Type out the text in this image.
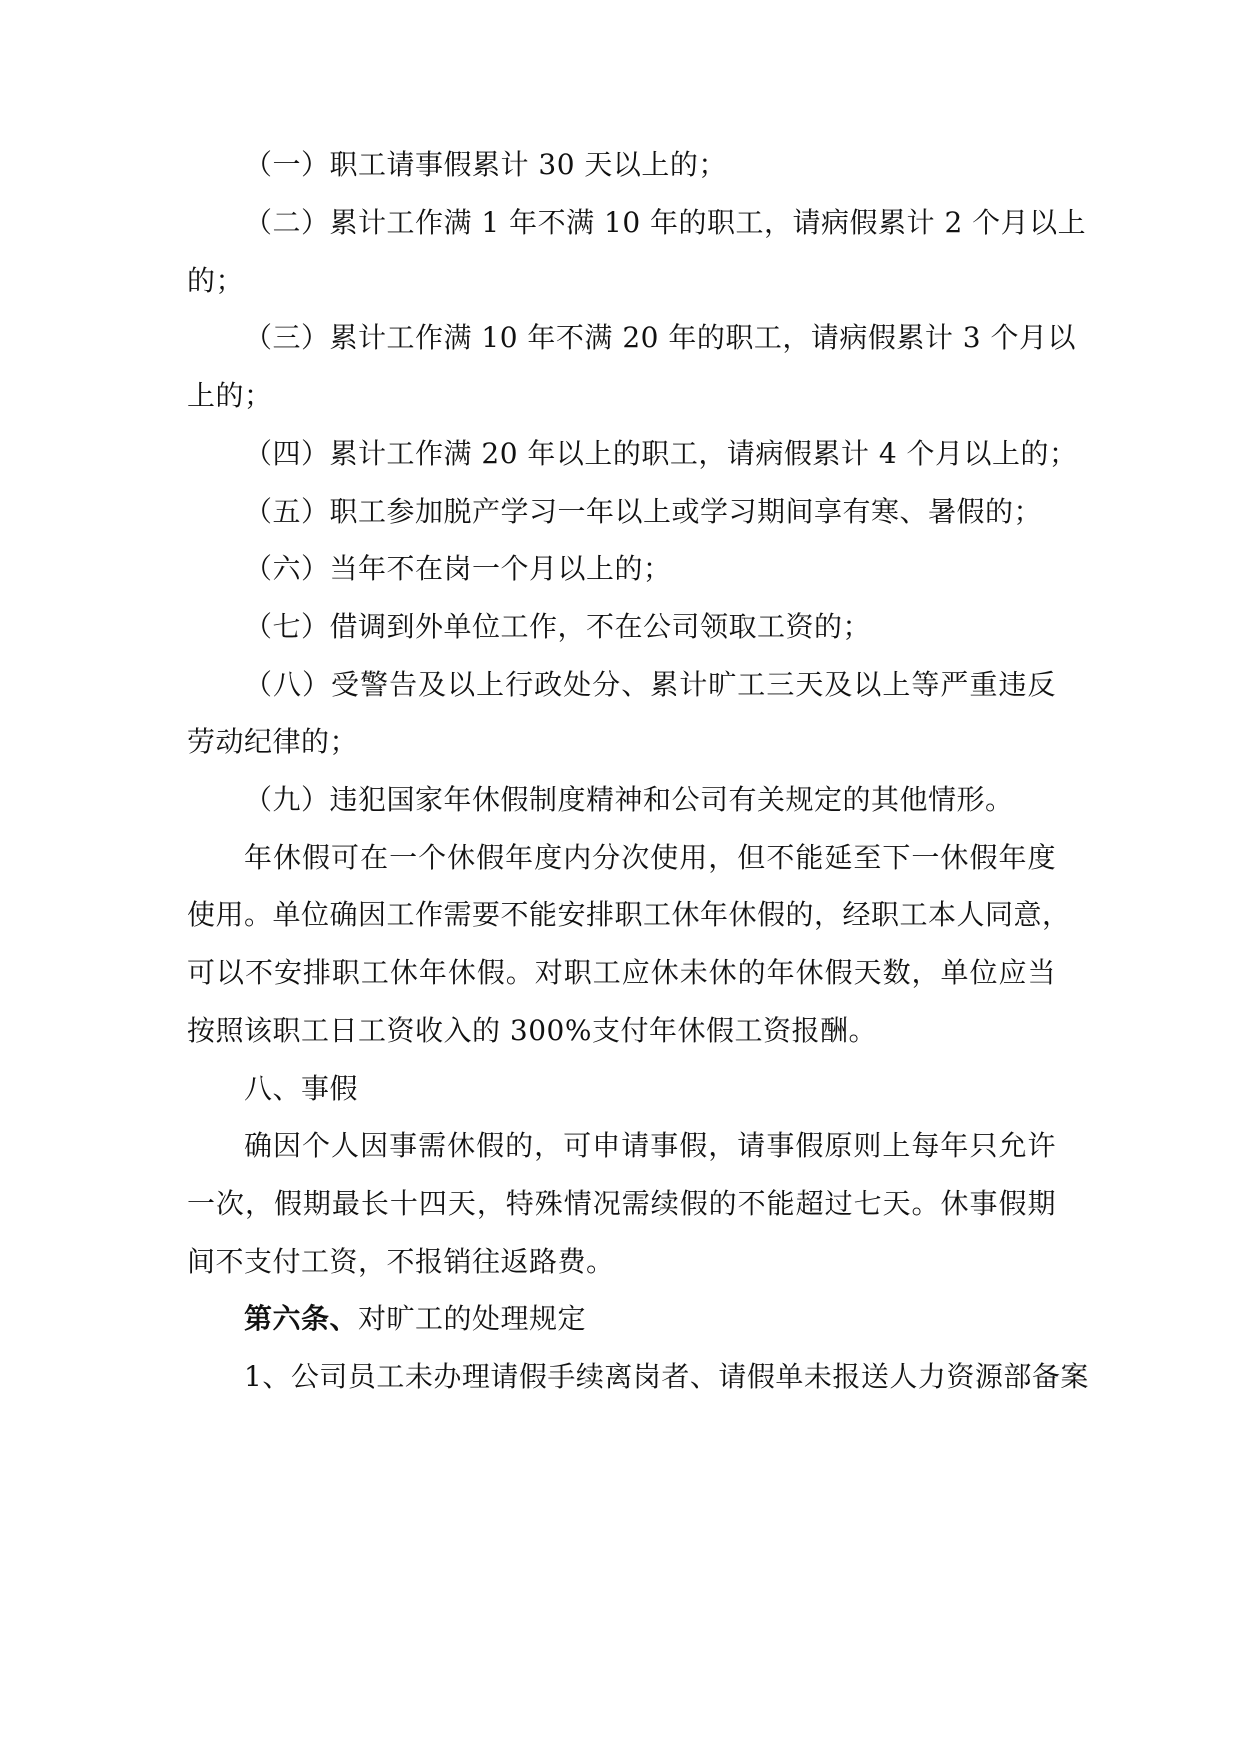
（一）职工请事假累计 30 天以上的；
（二）累计工作满 1 年不满 10 年的职工，请病假累计 2 个月以上
的；
（三）累计工作满 10 年不满 20 年的职工，请病假累计 3 个月以
上的；
（四）累计工作满 20 年以上的职工，请病假累计 4 个月以上的；
（五）职工参加脱产学习一年以上或学习期间享有寒、暑假的；
（六）当年不在岗一个月以上的；
（七）借调到外单位工作，不在公司领取工资的；
（八）受警告及以上行政处分、累计旷工三天及以上等严重违反
劳动纪律的；
（九）违犯国家年休假制度精神和公司有关规定的其他情形。
年休假可在一个休假年度内分次使用，但不能延至下一休假年度
使用。单位确因工作需要不能安排职工休年休假的，经职工本人同意，
可以不安排职工休年休假。对职工应休未休的年休假天数，单位应当
按照该职工日工资收入的 300%支付年休假工资报酬。
八、事假
确因个人因事需休假的，可申请事假，请事假原则上每年只允许
一次，假期最长十四天，特殊情况需续假的不能超过七天。休事假期
间不支付工资，不报销往返路费。
第六条、对旷工的处理规定
1、公司员工未办理请假手续离岗者、请假单未报送人力资源部备案
